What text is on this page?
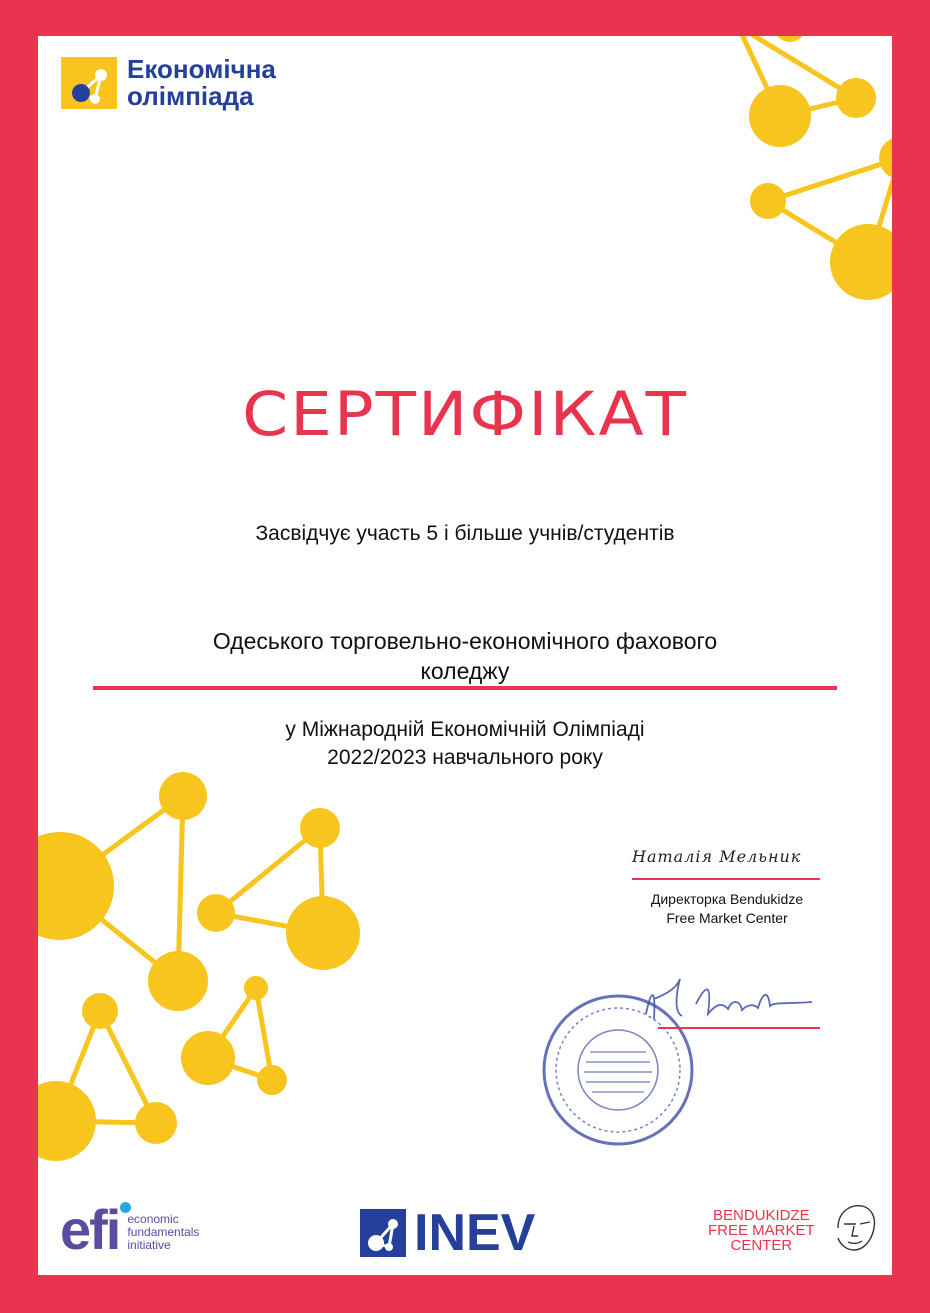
Економічна
олімпіада
СЕРТИФІКАТ
Засвідчує участь 5 і більше учнів/студентів
Одеського торговельно-економічного фахового
коледжу
у Міжнародній Економічній Олімпіаді
2022/2023 навчального року
Наталія Мельник
Директорка Bendukidze
Free Market Center
efi economic
fundamentals
initiative	INEV	BENDUKIDZE
FREE MARKET
CENTER
